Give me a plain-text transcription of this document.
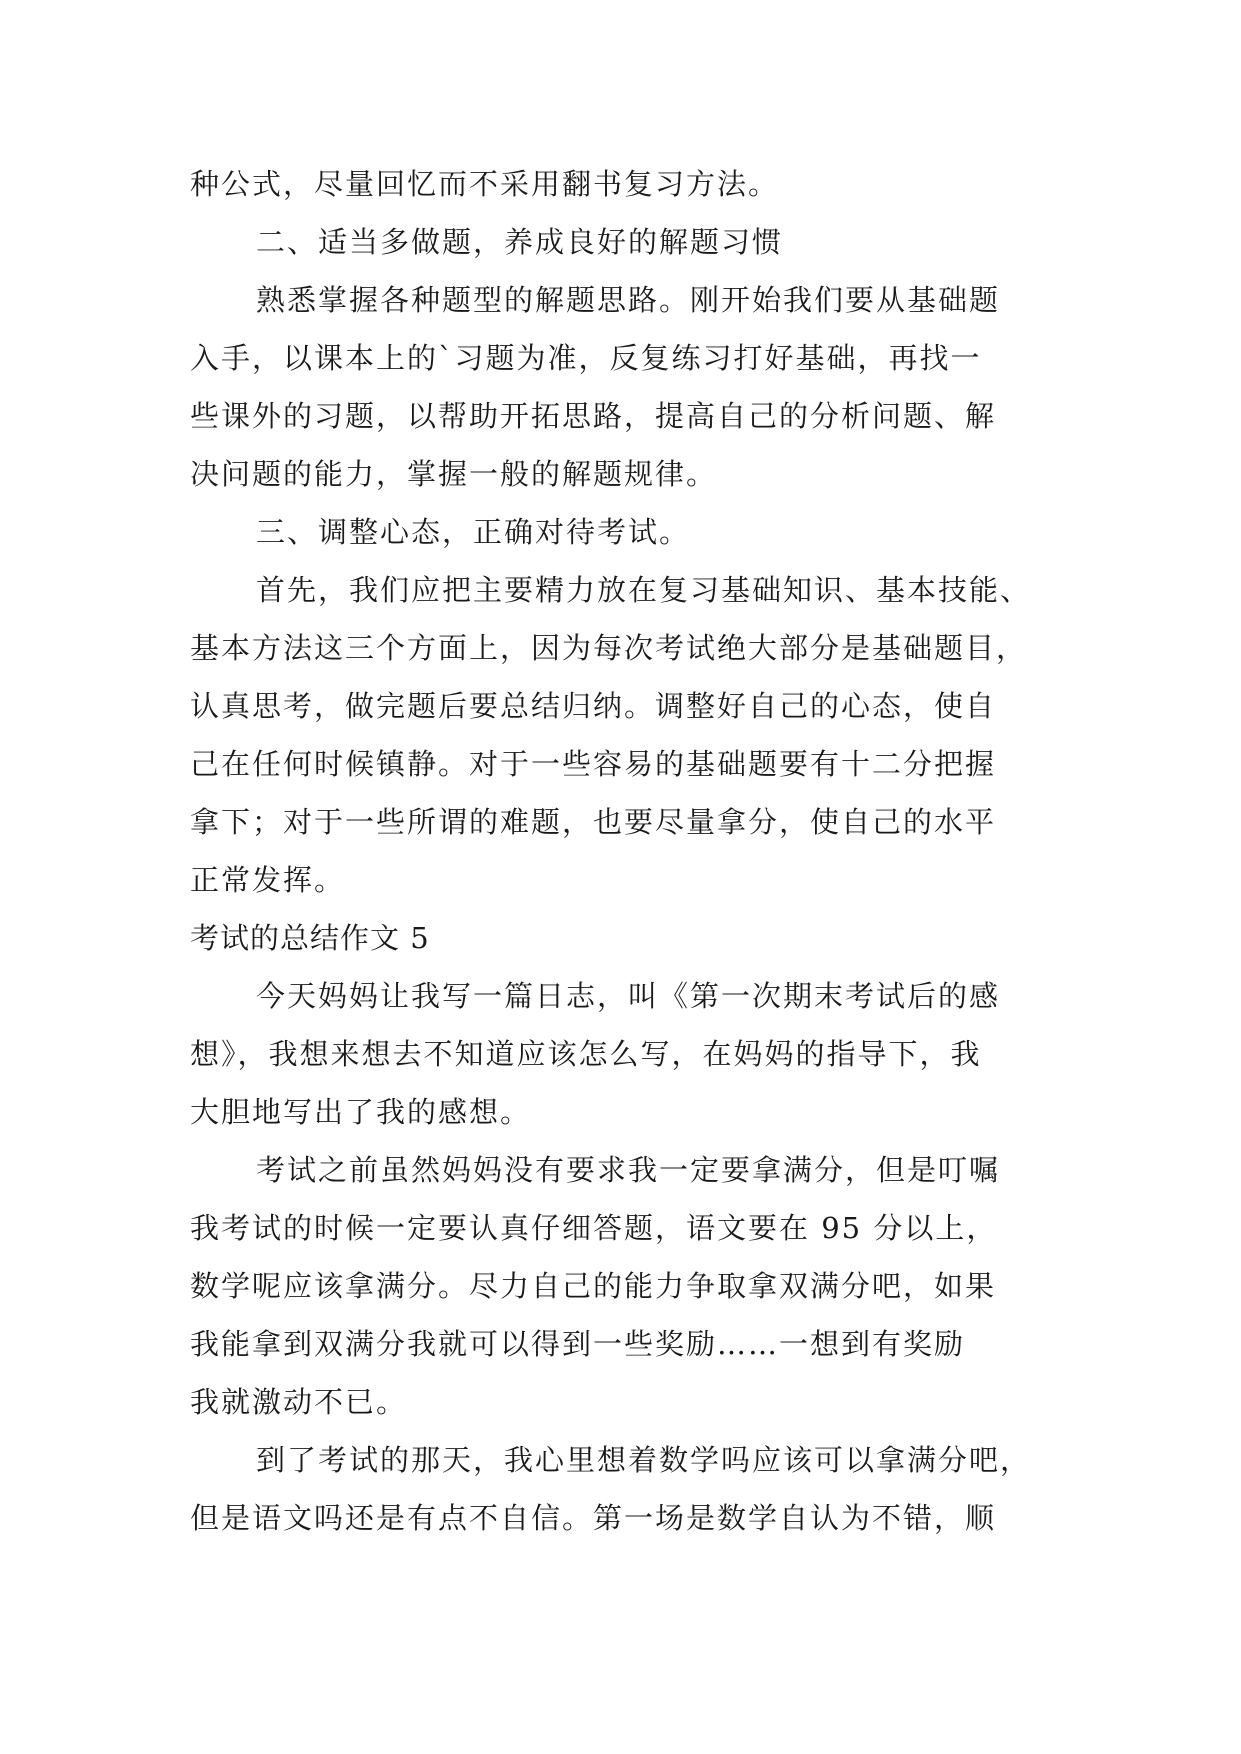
种公式，尽量回忆而不采用翻书复习方法。
二、适当多做题，养成良好的解题习惯
熟悉掌握各种题型的解题思路。刚开始我们要从基础题
入手，以课本上的`习题为准，反复练习打好基础，再找一
些课外的习题，以帮助开拓思路，提高自己的分析问题、解
决问题的能力，掌握一般的解题规律。
三、调整心态，正确对待考试。
首先，我们应把主要精力放在复习基础知识、基本技能、
基本方法这三个方面上，因为每次考试绝大部分是基础题目，
认真思考，做完题后要总结归纳。调整好自己的心态，使自
己在任何时候镇静。对于一些容易的基础题要有十二分把握
拿下；对于一些所谓的难题，也要尽量拿分，使自己的水平
正常发挥。
考试的总结作文 5
今天妈妈让我写一篇日志，叫《第一次期末考试后的感
想》，我想来想去不知道应该怎么写，在妈妈的指导下，我
大胆地写出了我的感想。
考试之前虽然妈妈没有要求我一定要拿满分，但是叮嘱
我考试的时候一定要认真仔细答题，语文要在 95 分以上，
数学呢应该拿满分。尽力自己的能力争取拿双满分吧，如果
我能拿到双满分我就可以得到一些奖励……一想到有奖励
我就激动不已。
到了考试的那天，我心里想着数学吗应该可以拿满分吧，
但是语文吗还是有点不自信。第一场是数学自认为不错，顺
